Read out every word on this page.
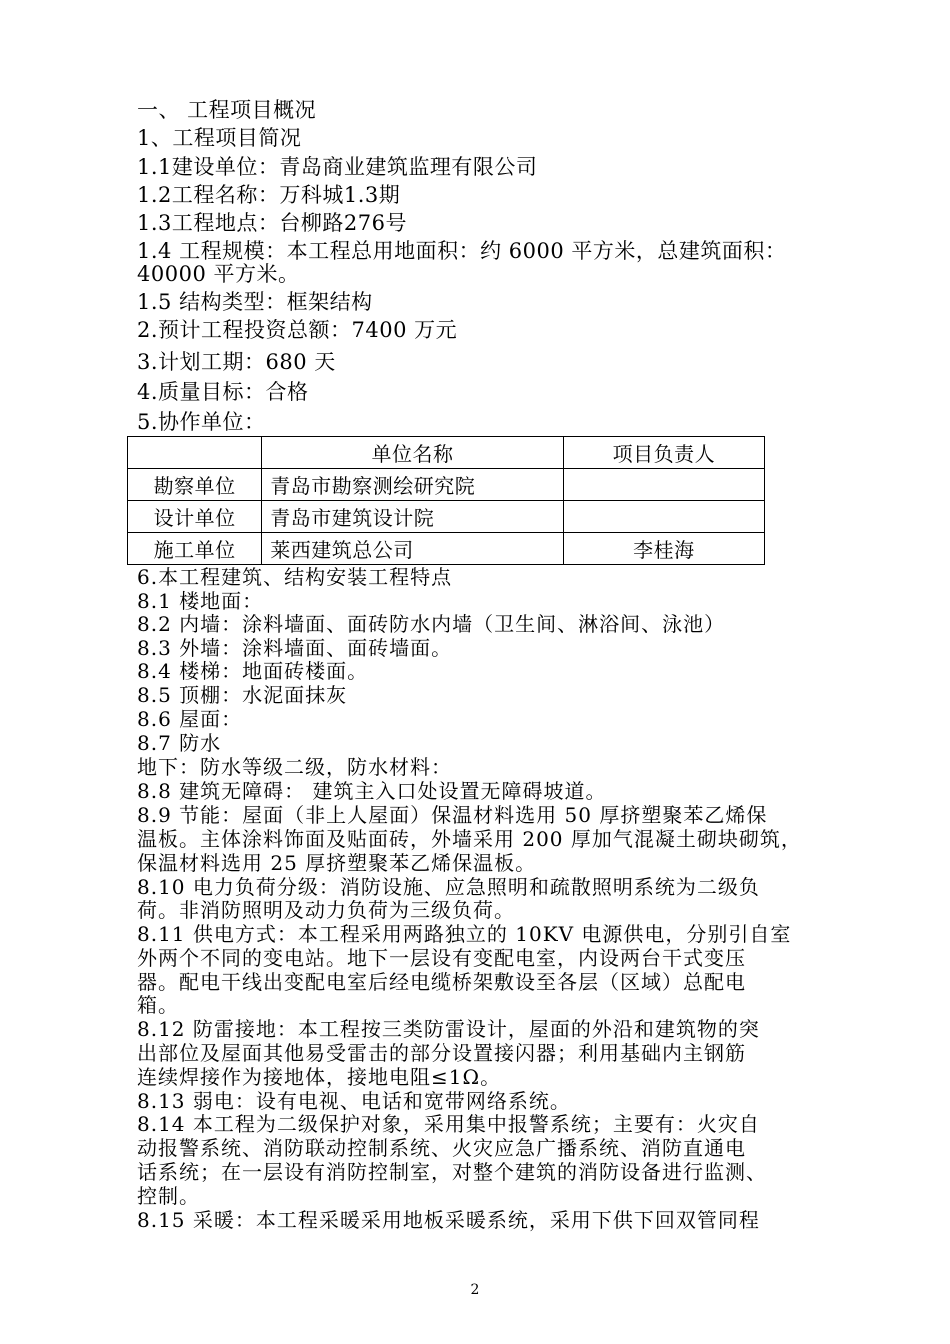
一、 工程项目概况
1、工程项目简况
1.1建设单位：青岛商业建筑监理有限公司
1.2工程名称：万科城1.3期
1.3工程地点：台柳路276号
1.4 工程规模：本工程总用地面积：约 6000 平方米，总建筑面积：
40000 平方米。
1.5 结构类型：框架结构
2.预计工程投资总额：7400 万元
3.计划工期：680 天
4.质量目标：合格
5.协作单位：
	单位名称	项目负责人
勘察单位	青岛市勘察测绘研究院	
设计单位	青岛市建筑设计院	
施工单位	莱西建筑总公司	李桂海
6.本工程建筑、结构安装工程特点
8.1 楼地面：
8.2 内墙：涂料墙面、面砖防水内墙（卫生间、淋浴间、泳池）
8.3 外墙：涂料墙面、面砖墙面。
8.4 楼梯：地面砖楼面。
8.5 顶棚：水泥面抹灰
8.6 屋面：
8.7 防水
地下：防水等级二级，防水材料：
8.8 建筑无障碍： 建筑主入口处设置无障碍坡道。
8.9 节能：屋面（非上人屋面）保温材料选用 50 厚挤塑聚苯乙烯保
温板。主体涂料饰面及贴面砖，外墙采用 200 厚加气混凝土砌块砌筑，
保温材料选用 25 厚挤塑聚苯乙烯保温板。
8.10 电力负荷分级：消防设施、应急照明和疏散照明系统为二级负
荷。非消防照明及动力负荷为三级负荷。
8.11 供电方式：本工程采用两路独立的 10KV 电源供电，分别引自室
外两个不同的变电站。地下一层设有变配电室，内设两台干式变压
器。配电干线出变配电室后经电缆桥架敷设至各层（区域）总配电
箱。
8.12 防雷接地：本工程按三类防雷设计，屋面的外沿和建筑物的突
出部位及屋面其他易受雷击的部分设置接闪器；利用基础内主钢筋
连续焊接作为接地体，接地电阻≤1Ω。
8.13 弱电：设有电视、电话和宽带网络系统。
8.14 本工程为二级保护对象，采用集中报警系统；主要有：火灾自
动报警系统、消防联动控制系统、火灾应急广播系统、消防直通电
话系统；在一层设有消防控制室，对整个建筑的消防设备进行监测、
控制。
8.15 采暖：本工程采暖采用地板采暖系统，采用下供下回双管同程
2
